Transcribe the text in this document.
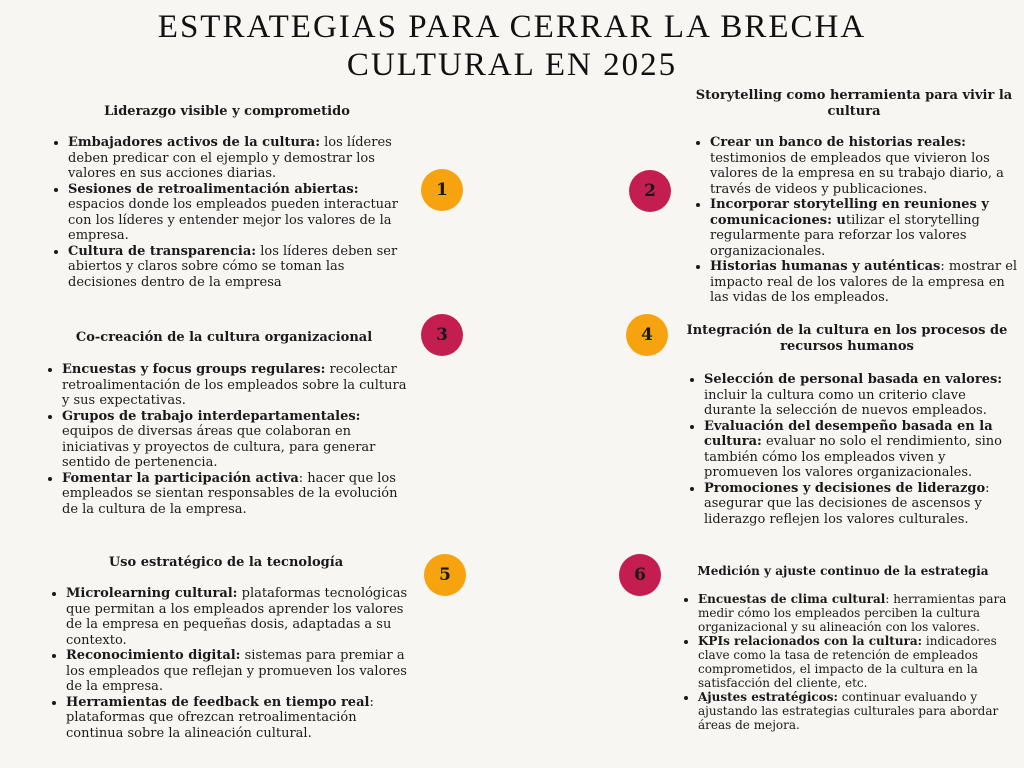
ESTRATEGIAS PARA CERRAR LA BRECHA
CULTURAL EN 2025
Liderazgo visible y comprometido
• Embajadores activos de la cultura: los líderes deben predicar con el ejemplo y demostrar los valores en sus acciones diarias.
• Sesiones de retroalimentación abiertas: espacios donde los empleados pueden interactuar con los líderes y entender mejor los valores de la empresa.
• Cultura de transparencia: los líderes deben ser abiertos y claros sobre cómo se toman las decisiones dentro de la empresa
1
Storytelling como herramienta para vivir la cultura
• Crear un banco de historias reales: testimonios de empleados que vivieron los valores de la empresa en su trabajo diario, a través de videos y publicaciones.
• Incorporar storytelling en reuniones y comunicaciones: utilizar el storytelling regularmente para reforzar los valores organizacionales.
• Historias humanas y auténticas: mostrar el impacto real de los valores de la empresa en las vidas de los empleados.
2
Co-creación de la cultura organizacional
• Encuestas y focus groups regulares: recolectar retroalimentación de los empleados sobre la cultura y sus expectativas.
• Grupos de trabajo interdepartamentales: equipos de diversas áreas que colaboran en iniciativas y proyectos de cultura, para generar sentido de pertenencia.
• Fomentar la participación activa: hacer que los empleados se sientan responsables de la evolución de la cultura de la empresa.
3	Integración de la cultura en los procesos de recursos humanos
• Selección de personal basada en valores: incluir la cultura como un criterio clave durante la selección de nuevos empleados.
• Evaluación del desempeño basada en la cultura: evaluar no solo el rendimiento, sino también cómo los empleados viven y promueven los valores organizacionales.
• Promociones y decisiones de liderazgo: asegurar que las decisiones de ascensos y liderazgo reflejen los valores culturales.
4
Uso estratégico de la tecnología
• Microlearning cultural: plataformas tecnológicas que permitan a los empleados aprender los valores de la empresa en pequeñas dosis, adaptadas a su contexto.
• Reconocimiento digital: sistemas para premiar a los empleados que reflejan y promueven los valores de la empresa.
• Herramientas de feedback en tiempo real: plataformas que ofrezcan retroalimentación continua sobre la alineación cultural.
5	Medición y ajuste continuo de la estrategia
• Encuestas de clima cultural: herramientas para medir cómo los empleados perciben la cultura organizacional y su alineación con los valores.
• KPIs relacionados con la cultura: indicadores clave como la tasa de retención de empleados comprometidos, el impacto de la cultura en la satisfacción del cliente, etc.
• Ajustes estratégicos: continuar evaluando y ajustando las estrategias culturales para abordar áreas de mejora.
6
